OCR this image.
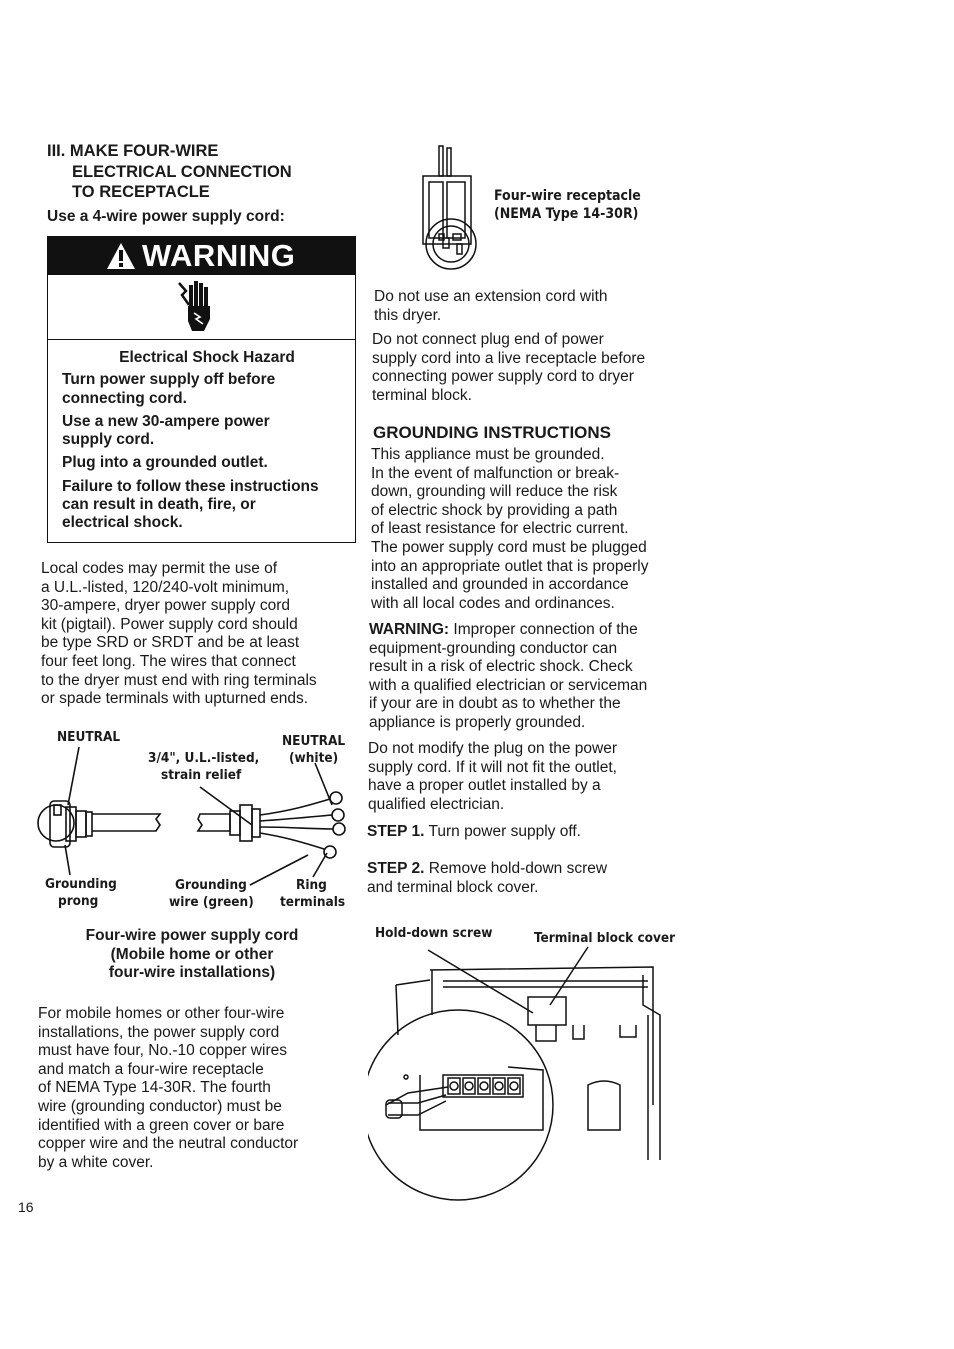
III. MAKE FOUR-WIRE
ELECTRICAL CONNECTION
TO RECEPTACLE
Use a 4-wire power supply cord:
WARNING
Electrical Shock Hazard
Turn power supply off before
connecting cord.
Use a new 30-ampere power
supply cord.
Plug into a grounded outlet.
Failure to follow these instructions
can result in death, fire, or
electrical shock.
Local codes may permit the use of
a U.L.-listed, 120/240-volt minimum,
30-ampere, dryer power supply cord
kit (pigtail). Power supply cord should
be type SRD or SRDT and be at least
four feet long. The wires that connect
to the dryer must end with ring terminals
or spade terminals with upturned ends.
NEUTRAL	NEUTRAL
(white)
3/4", U.L.-listed,
strain relief
Grounding
prong
Grounding
wire (green)
Ring
terminals
Four-wire power supply cord
(Mobile home or other
four-wire installations)
For mobile homes or other four-wire
installations, the power supply cord
must have four, No.-10 copper wires
and match a four-wire receptacle
of NEMA Type 14-30R. The fourth
wire (grounding conductor) must be
identified with a green cover or bare
copper wire and the neutral conductor
by a white cover.
16
Four-wire receptacle
(NEMA Type 14-30R)
Do not use an extension cord with
this dryer.
Do not connect plug end of power
supply cord into a live receptacle before
connecting power supply cord to dryer
terminal block.
GROUNDING INSTRUCTIONS
This appliance must be grounded.
In the event of malfunction or break-
down, grounding will reduce the risk
of electric shock by providing a path
of least resistance for electric current.
The power supply cord must be plugged
into an appropriate outlet that is properly
installed and grounded in accordance
with all local codes and ordinances.
WARNING: Improper connection of the
equipment-grounding conductor can
result in a risk of electric shock. Check
with a qualified electrician or serviceman
if your are in doubt as to whether the
appliance is properly grounded.
Do not modify the plug on the power
supply cord. If it will not fit the outlet,
have a proper outlet installed by a
qualified electrician.
STEP 1. Turn power supply off.
STEP 2. Remove hold-down screw
and terminal block cover.
Hold-down screw	Terminal block cover
